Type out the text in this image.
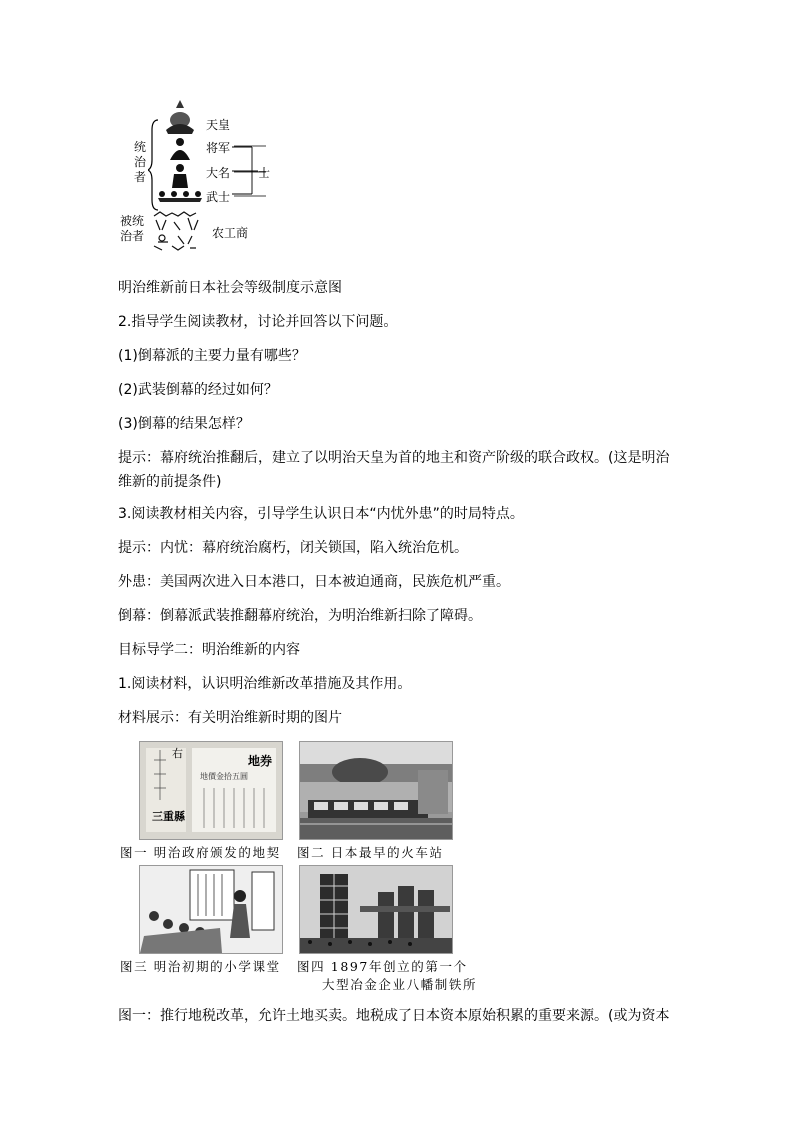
统治者
被统治者
天皇
将军
大名
武士
士
农工商
明治维新前日本社会等级制度示意图
2.指导学生阅读教材，讨论并回答以下问题。
(1)倒幕派的主要力量有哪些？
(2)武装倒幕的经过如何？
(3)倒幕的结果怎样？
提示：幕府统治推翻后，建立了以明治天皇为首的地主和资产阶级的联合政权。(这是明治维新的前提条件)
3.阅读教材相关内容，引导学生认识日本“内忧外患”的时局特点。
提示：内忧：幕府统治腐朽，闭关锁国，陷入统治危机。
外患：美国两次进入日本港口，日本被迫通商，民族危机严重。
倒幕：倒幕派武装推翻幕府统治，为明治维新扫除了障碍。
目标导学二：明治维新的内容
1.阅读材料，认识明治维新改革措施及其作用。
材料展示：有关明治维新时期的图片
右
三重縣
地券
地價金拾五圓
图一 明治政府颁发的地契 图二 日本最早的火车站
图三 明治初期的小学课堂 图四 1897年创立的第一个
大型冶金企业八幡制铁所
图一：推行地税改革，允许土地买卖。地税成了日本资本原始积累的重要来源。(或为资本
